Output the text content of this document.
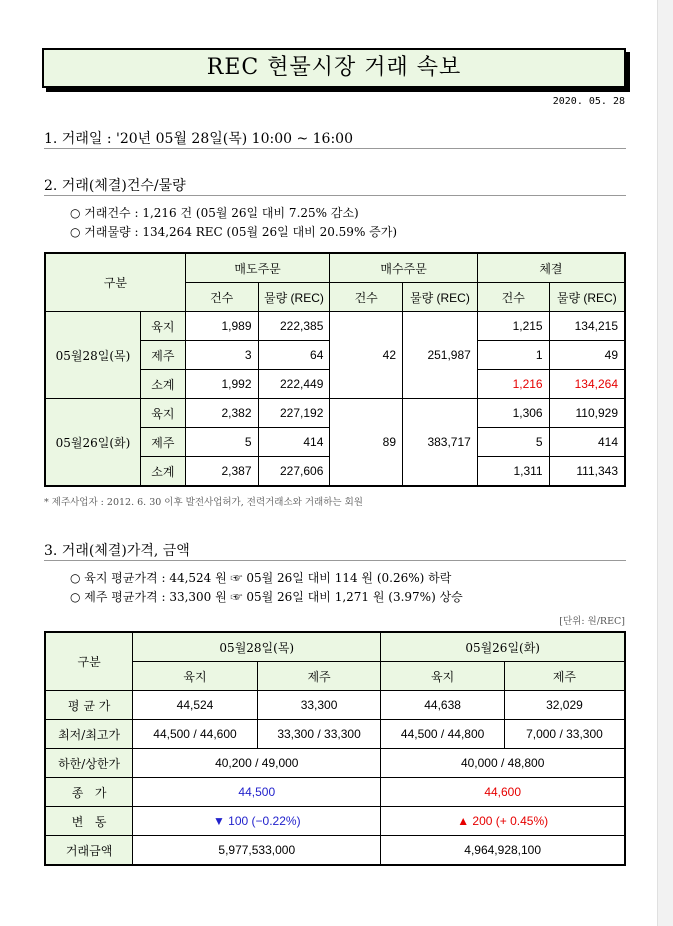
REC 현물시장 거래 속보
2020. 05. 28
1. 거래일 : '20년 05월 28일(목) 10:00 ~ 16:00
2. 거래(체결)건수/물량
○ 거래건수 : 1,216 건 (05월 26일 대비 7.25% 감소)
○ 거래물량 : 134,264 REC (05월 26일 대비 20.59% 증가)
구분		매도주문		매수주문		체결	
		건수	물량 (REC)	건수	물량 (REC)	건수	물량 (REC)
05월28일(목)	육지	1,989	222,385	42	251,987	1,215	134,215
	제주	3	64			1	49
	소계	1,992	222,449			1,216	134,264
05월26일(화)	육지	2,382	227,192	89	383,717	1,306	110,929
	제주	5	414			5	414
	소계	2,387	227,606			1,311	111,343
* 제주사업자 : 2012. 6. 30 이후 발전사업허가, 전력거래소와 거래하는 회원
3. 거래(체결)가격, 금액
○ 육지 평균가격 : 44,524 원 ☞ 05월 26일 대비 114 원 (0.26%) 하락
○ 제주 평균가격 : 33,300 원 ☞ 05월 26일 대비 1,271 원 (3.97%) 상승
[단위: 원/REC]
구분	05월28일(목)		05월26일(화)	
	육지	제주	육지	제주
평 균 가	44,524	33,300	44,638	32,029
최저/최고가	44,500 / 44,600	33,300 / 33,300	44,500 / 44,800	7,000 / 33,300
하한/상한가	40,200 / 49,000		40,000 / 48,800	
종   가	44,500		44,600	
변   동	▼ 100 (−0.22%)		▲ 200 (+ 0.45%)	
거래금액	5,977,533,000		4,964,928,100	
